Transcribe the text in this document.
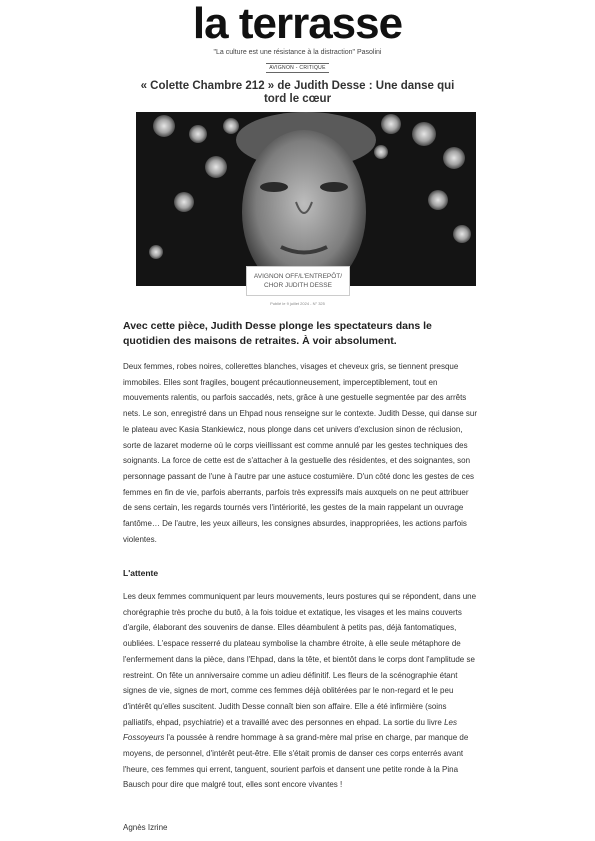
la terrasse
"La culture est une résistance à la distraction" Pasolini
AVIGNON - CRITIQUE
« Colette Chambre 212 » de Judith Desse : Une danse qui tord le cœur
AVIGNON OFF/L'ENTREPÔT/ CHOR JUDITH DESSE
Publié le 9 juillet 2024 - N° 325
Avec cette pièce, Judith Desse plonge les spectateurs dans le quotidien des maisons de retraites. À voir absolument.

Deux femmes, robes noires, collerettes blanches, visages et cheveux gris, se tiennent presque immobiles. Elles sont fragiles, bougent précautionneusement, imperceptiblement, tout en mouvements ralentis, ou parfois saccadés, nets, grâce à une gestuelle segmentée par des arrêts nets. Le son, enregistré dans un Ehpad nous renseigne sur le contexte. Judith Desse, qui danse sur le plateau avec Kasia Stankiewicz, nous plonge dans cet univers d'exclusion sinon de réclusion, sorte de lazaret moderne où le corps vieillissant est comme annulé par les gestes techniques des soignants. La force de cette est de s'attacher à la gestuelle des résidentes, et des soignantes, son personnage passant de l'une à l'autre par une astuce costumière. D'un côté donc les gestes de ces femmes en fin de vie, parfois aberrants, parfois très expressifs mais auxquels on ne peut attribuer de sens certain, les regards tournés vers l'intériorité, les gestes de la main rappelant un ouvrage fantôme… De l'autre, les yeux ailleurs, les consignes absurdes, inappropriées, les actions parfois violentes.

L'attente

Les deux femmes communiquent par leurs mouvements, leurs postures qui se répondent, dans une chorégraphie très proche du butô, à la fois toidue et extatique, les visages et les mains couverts d'argile, élaborant des souvenirs de danse. Elles déambulent à petits pas, déjà fantomatiques, oubliées. L'espace resserré du plateau symbolise la chambre étroite, à elle seule métaphore de l'enfermement dans la pièce, dans l'Ehpad, dans la tête, et bientôt dans le corps dont l'amplitude se restreint. On fête un anniversaire comme un adieu définitif. Les fleurs de la scénographie étant signes de vie, signes de mort, comme ces femmes déjà oblitérées par le non-regard et le peu d'intérêt qu'elles suscitent. Judith Desse connaît bien son affaire. Elle a été infirmière (soins palliatifs, ehpad, psychiatrie) et a travaillé avec des personnes en ehpad. La sortie du livre Les Fossoyeurs l'a poussée à rendre hommage à sa grand-mère mal prise en charge, par manque de moyens, de personnel, d'intérêt peut-être. Elle s'était promis de danser ces corps enterrés avant l'heure, ces femmes qui errent, tanguent, sourient parfois et dansent une petite ronde à la Pina Bausch pour dire que malgré tout, elles sont encore vivantes !

Agnès Izrine
